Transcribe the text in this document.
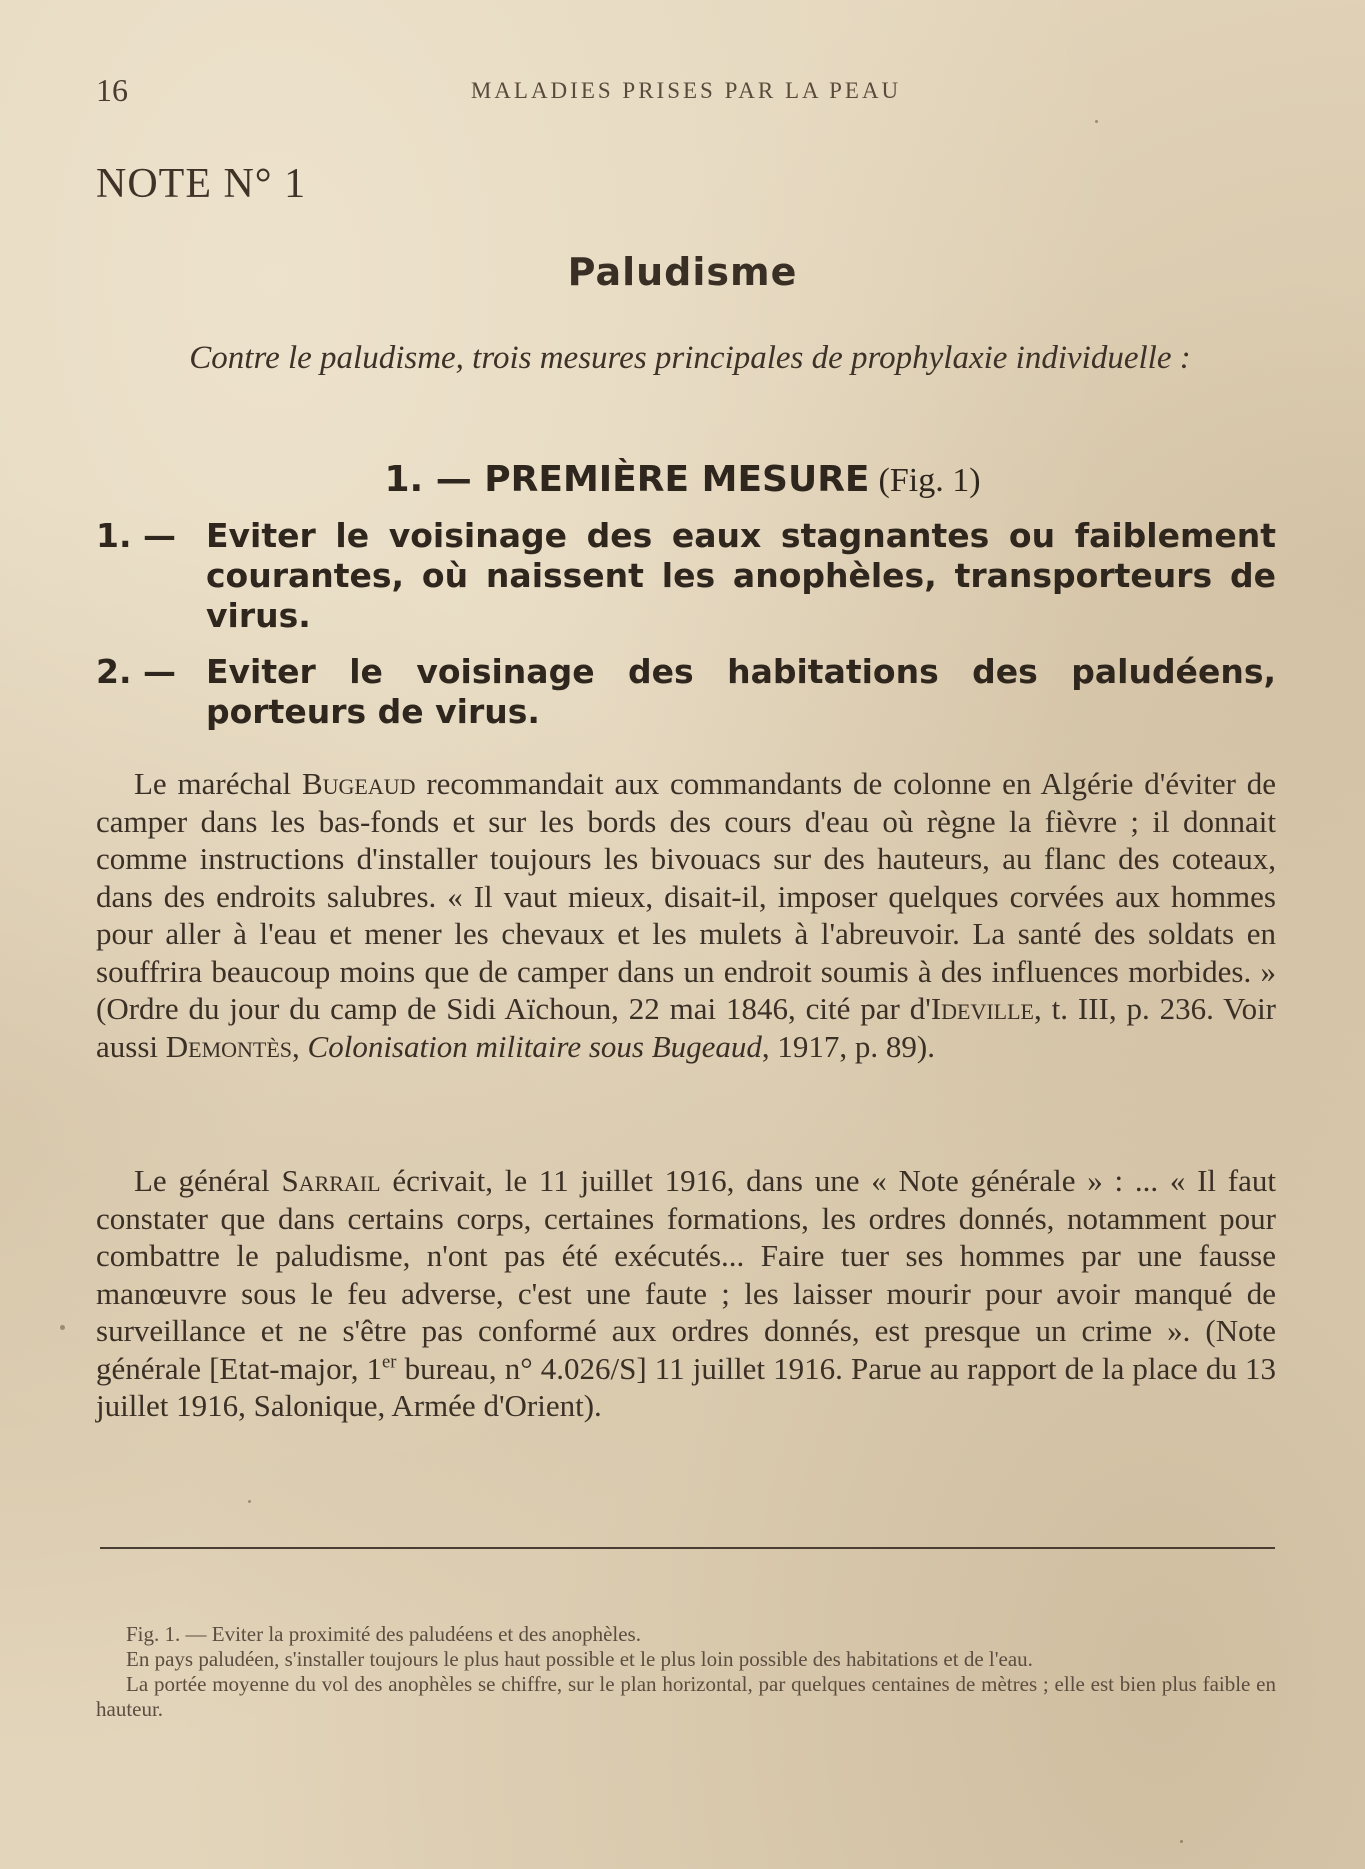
16	MALADIES PRISES PAR LA PEAU
NOTE N° 1
Paludisme
Contre le paludisme, trois mesures principales de prophylaxie individuelle :
1. — PREMIÈRE MESURE (Fig. 1)
1. — Eviter le voisinage des eaux stagnantes ou faiblement courantes, où naissent les anophèles, transporteurs de virus.
2. — Eviter le voisinage des habitations des paludéens, porteurs de virus.
Le maréchal Bugeaud recommandait aux commandants de colonne en Algérie d'éviter de camper dans les bas-fonds et sur les bords des cours d'eau où règne la fièvre ; il donnait comme instructions d'installer toujours les bivouacs sur des hauteurs, au flanc des coteaux, dans des endroits salubres. « Il vaut mieux, disait-il, imposer quelques corvées aux hommes pour aller à l'eau et mener les chevaux et les mulets à l'abreuvoir. La santé des soldats en souffrira beaucoup moins que de camper dans un endroit soumis à des influences morbides. » (Ordre du jour du camp de Sidi Aïchoun, 22 mai 1846, cité par d'Ideville, t. III, p. 236. Voir aussi Demontès, Colonisation militaire sous Bugeaud, 1917, p. 89).
Le général Sarrail écrivait, le 11 juillet 1916, dans une « Note générale » : ... « Il faut constater que dans certains corps, certaines formations, les ordres donnés, notamment pour combattre le paludisme, n'ont pas été exécutés... Faire tuer ses hommes par une fausse manœuvre sous le feu adverse, c'est une faute ; les laisser mourir pour avoir manqué de surveillance et ne s'être pas conformé aux ordres donnés, est presque un crime ». (Note générale [Etat-major, 1er bureau, n° 4.026/S] 11 juillet 1916. Parue au rapport de la place du 13 juillet 1916, Salonique, Armée d'Orient).

Fig. 1. — Eviter la proximité des paludéens et des anophèles.

En pays paludéen, s'installer toujours le plus haut possible et le plus loin possible des habitations et de l'eau.

La portée moyenne du vol des anophèles se chiffre, sur le plan horizontal, par quelques centaines de mètres ; elle est bien plus faible en hauteur.
